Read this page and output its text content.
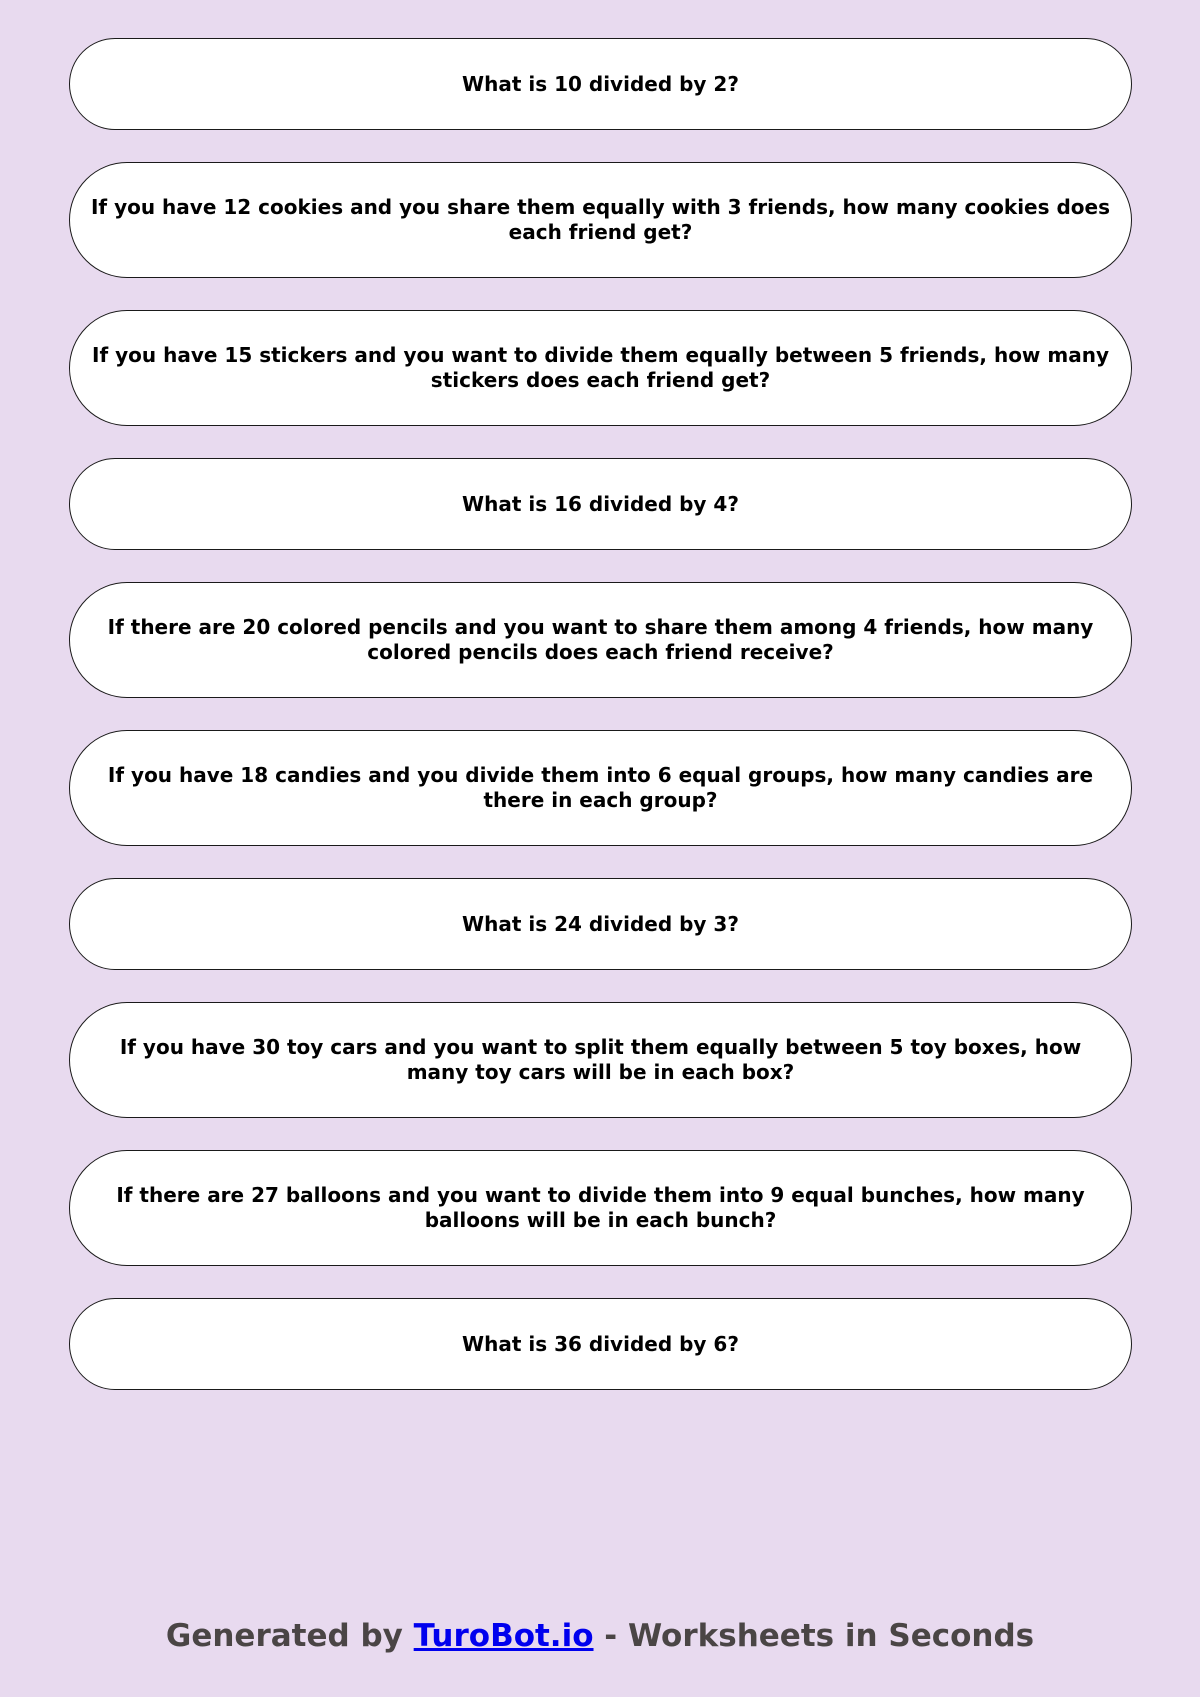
What is 10 divided by 2?
If you have 12 cookies and you share them equally with 3 friends, how many cookies does each friend get?
If you have 15 stickers and you want to divide them equally between 5 friends, how many stickers does each friend get?
What is 16 divided by 4?
If there are 20 colored pencils and you want to share them among 4 friends, how many colored pencils does each friend receive?
If you have 18 candies and you divide them into 6 equal groups, how many candies are there in each group?
What is 24 divided by 3?
If you have 30 toy cars and you want to split them equally between 5 toy boxes, how many toy cars will be in each box?
If there are 27 balloons and you want to divide them into 9 equal bunches, how many balloons will be in each bunch?
What is 36 divided by 6?
Generated by TuroBot.io - Worksheets in Seconds
